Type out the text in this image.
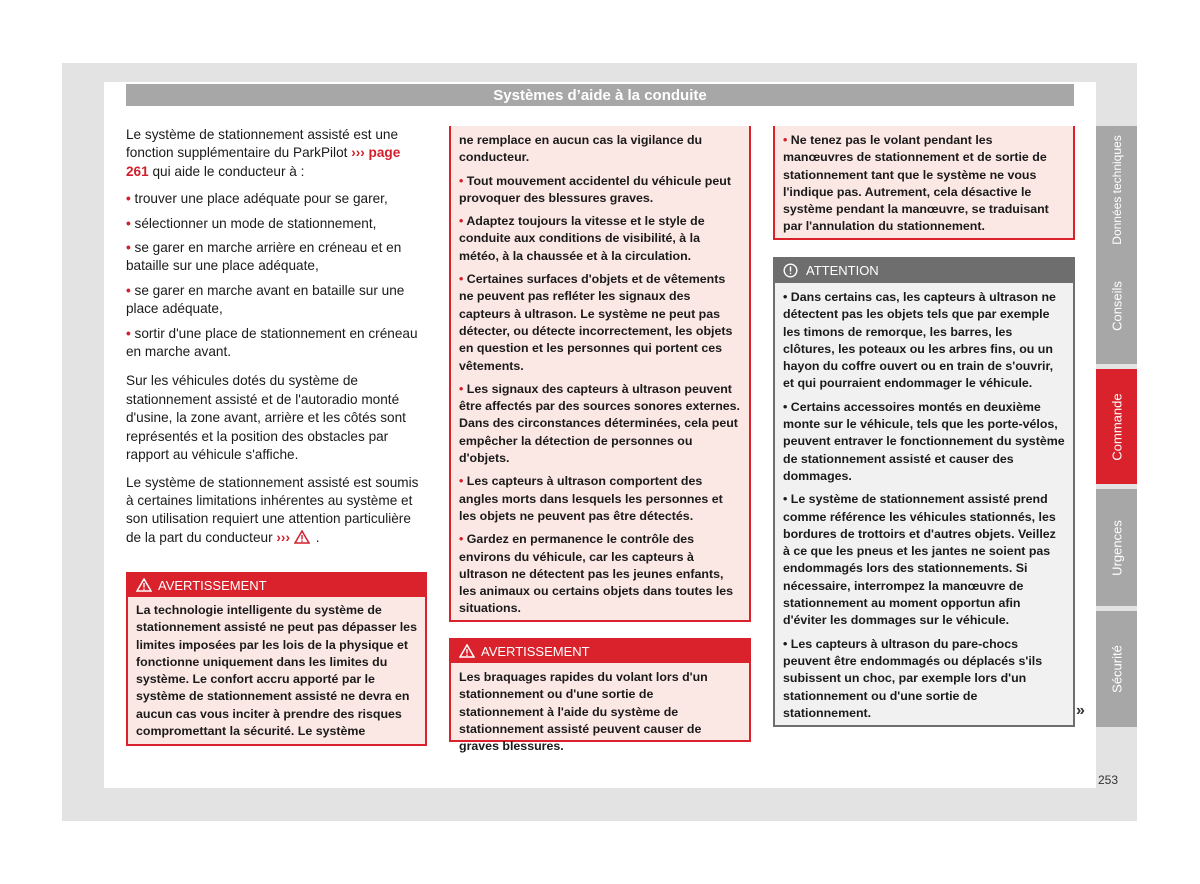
Systèmes d’aide à la conduite

Le système de stationnement assisté est une fonction supplémentaire du ParkPilot ››› page 261 qui aide le conducteur à :

• trouver une place adéquate pour se garer,
• sélectionner un mode de stationnement,
• se garer en marche arrière en créneau et en bataille sur une place adéquate,
• se garer en marche avant en bataille sur une place adéquate,
• sortir d'une place de stationnement en créneau en marche avant.

Sur les véhicules dotés du système de stationnement assisté et de l'autoradio monté d'usine, la zone avant, arrière et les côtés sont représentés et la position des obstacles par rapport au véhicule s'affiche.

Le système de stationnement assisté est soumis à certaines limitations inhérentes au système et son utilisation requiert une attention particulière de la part du conducteur ››› .

AVERTISSEMENT
La technologie intelligente du système de stationnement assisté ne peut pas dépasser les limites imposées par les lois de la physique et fonctionne uniquement dans les limites du système. Le confort accru apporté par le système de stationnement assisté ne devra en aucun cas vous inciter à prendre des risques compromettant la sécurité. Le système

ne remplace en aucun cas la vigilance du conducteur.

• Tout mouvement accidentel du véhicule peut provoquer des blessures graves.

• Adaptez toujours la vitesse et le style de conduite aux conditions de visibilité, à la météo, à la chaussée et à la circulation.

• Certaines surfaces d'objets et de vêtements ne peuvent pas refléter les signaux des capteurs à ultrason. Le système ne peut pas détecter, ou détecte incorrectement, les objets en question et les personnes qui portent ces vêtements.

• Les signaux des capteurs à ultrason peuvent être affectés par des sources sonores externes. Dans des circonstances déterminées, cela peut empêcher la détection de personnes ou d'objets.

• Les capteurs à ultrason comportent des angles morts dans lesquels les personnes et les objets ne peuvent pas être détectés.

• Gardez en permanence le contrôle des environs du véhicule, car les capteurs à ultrason ne détectent pas les jeunes enfants, les animaux ou certains objets dans toutes les situations.

AVERTISSEMENT
Les braquages rapides du volant lors d'un stationnement ou d'une sortie de stationnement à l'aide du système de stationnement assisté peuvent causer de graves blessures.

• Ne tenez pas le volant pendant les manœuvres de stationnement et de sortie de stationnement tant que le système ne vous l'indique pas. Autrement, cela désactive le système pendant la manœuvre, se traduisant par l'annulation du stationnement.

ATTENTION

• Dans certains cas, les capteurs à ultrason ne détectent pas les objets tels que par exemple les timons de remorque, les barres, les clôtures, les poteaux ou les arbres fins, ou un hayon du coffre ouvert ou en train de s'ouvrir, et qui pourraient endommager le véhicule.

• Certains accessoires montés en deuxième monte sur le véhicule, tels que les porte-vélos, peuvent entraver le fonctionnement du système de stationnement assisté et causer des dommages.

• Le système de stationnement assisté prend comme référence les véhicules stationnés, les bordures de trottoirs et d'autres objets. Veillez à ce que les pneus et les jantes ne soient pas endommagés lors des stationnements. Si nécessaire, interrompez la manœuvre de stationnement au moment opportun afin d'éviter les dommages sur le véhicule.

• Les capteurs à ultrason du pare-chocs peuvent être endommagés ou déplacés s'ils subissent un choc, par exemple lors d'un stationnement ou d'une sortie de stationnement.	»
Données techniques
Conseils
Commande
Urgences
Sécurité
253
